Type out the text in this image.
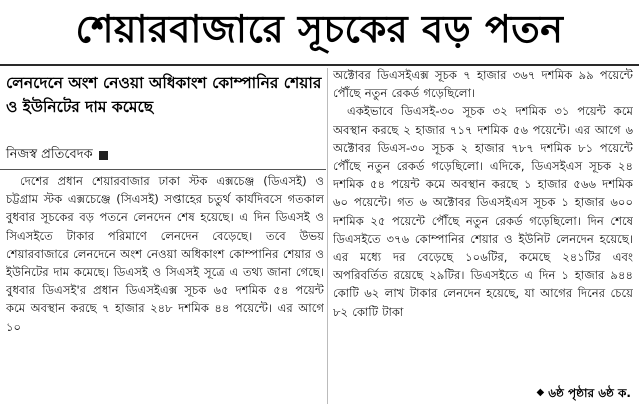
শেয়ারবাজারে সূচকের বড় পতন
লেনদেনে অংশ নেওয়া অধিকাংশ কোম্পানির শেয়ার ও ইউনিটের দাম কমেছে
নিজস্ব প্রতিবেদক

দেশের প্রধান শেয়ারবাজার ঢাকা স্টক এক্সচেঞ্জ (ডিএসই) ও চট্টগ্রাম স্টক এক্সচেঞ্জে (সিএসই) সপ্তাহের চতুর্থ কার্যদিবসে গতকাল বুধবার সূচকের বড় পতনে লেনদেন শেষ হয়েছে। এ দিন ডিএসই ও সিএসইতে টাকার পরিমাণে লেনদেন বেড়েছে। তবে উভয় শেয়ারবাজারে লেনদেনে অংশ নেওয়া অধিকাংশ কোম্পানির শেয়ার ও ইউনিটের দাম কমেছে। ডিএসই ও সিএসই সূত্রে এ তথ্য জানা গেছে। বুধবার ডিএসই'র প্রধান ডিএসইএক্স সূচক ৬৫ দশমিক ৫৪ পয়েন্ট কমে অবস্থান করছে ৭ হাজার ২৪৮ দশমিক ৪৪ পয়েন্টে। এর আগে ১০

অক্টোবর ডিএসইএক্স সূচক ৭ হাজার ৩৬৭ দশমিক ৯৯ পয়েন্টে পৌঁছে নতুন রেকর্ড গড়েছিলো।

একইভাবে ডিএসই-৩০ সূচক ৩২ দশমিক ৩১ পয়েন্ট কমে অবস্থান করছে ২ হাজার ৭১৭ দশমিক ৫৬ পয়েন্টে। এর আগে ৬ অক্টোবর ডিএস-৩০ সূচক ২ হাজার ৭৮৭ দশমিক ৮১ পয়েন্টে পৌঁছে নতুন রেকর্ড গড়েছিলো। এদিকে, ডিএসইএস সূচক ২৪ দশমিক ৫৪ পয়েন্ট কমে অবস্থান করছে ১ হাজার ৫৬৬ দশমিক ৬০ পয়েন্টে। গত ৬ অক্টোবর ডিএসইএস সূচক ১ হাজার ৬০০ দশমিক ২৫ পয়েন্টে পৌঁছে নতুন রেকর্ড গড়েছিলো। দিন শেষে ডিএসইতে ৩৭৬ কোম্পানির শেয়ার ও ইউনিট লেনদেন হয়েছে। এর মধ্যে দর বেড়েছে ১০৬টির, কমেছে ২৪১টির এবং অপরিবর্তিত রয়েছে ২৯টির। ডিএসইতে এ দিন ১ হাজার ৯৪৪ কোটি ৬২ লাখ টাকার লেনদেন হয়েছে, যা আগের দিনের চেয়ে ৮২ কোটি টাকা

◆ ৬ষ্ঠ পৃষ্ঠার ৬ষ্ঠ ক.
